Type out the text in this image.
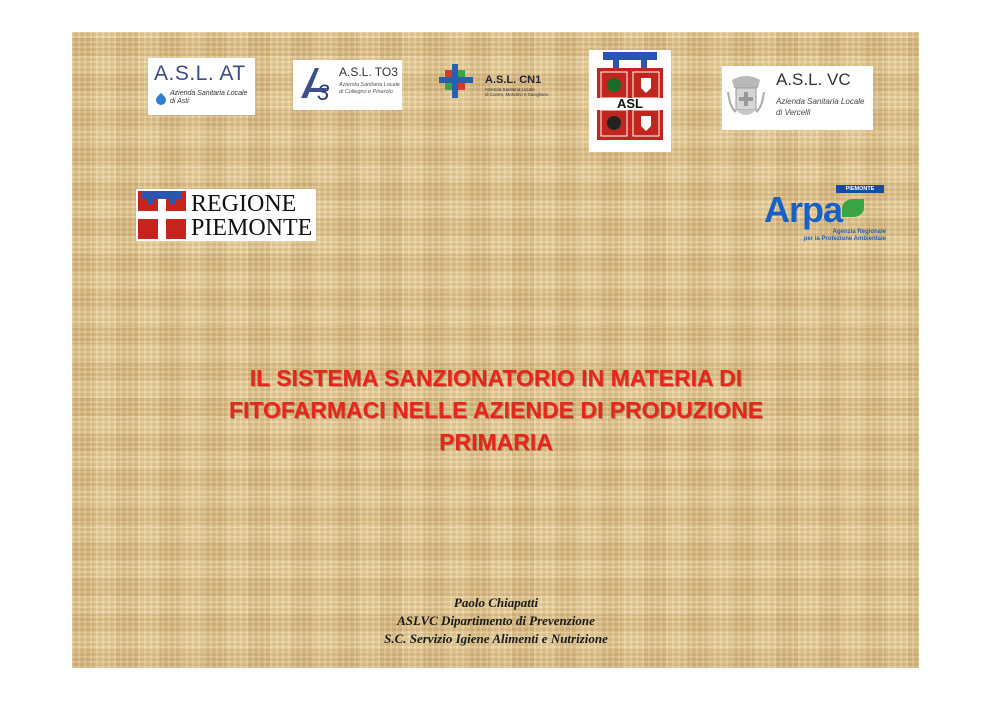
A.S.L. AT
Azienda Sanitaria Locale
di Asti	3
A.S.L. TO3
Azienda Sanitaria Locale
di Collegno e Pinerolo
A.S.L. CN1
Azienda Sanitaria Locale
di Cuneo, Mondovì e Savigliano
ASL
A.S.L. VC
Azienda Sanitaria Locale
di Vercelli
REGIONE
PIEMONTE
PIEMONTE
Arpa
Agenzia Regionale
per la Protezione Ambientale
IL SISTEMA SANZIONATORIO IN MATERIA DI
FITOFARMACI NELLE AZIENDE DI PRODUZIONE
PRIMARIA
Paolo Chiapatti
ASLVC Dipartimento di Prevenzione
S.C. Servizio Igiene Alimenti e Nutrizione
